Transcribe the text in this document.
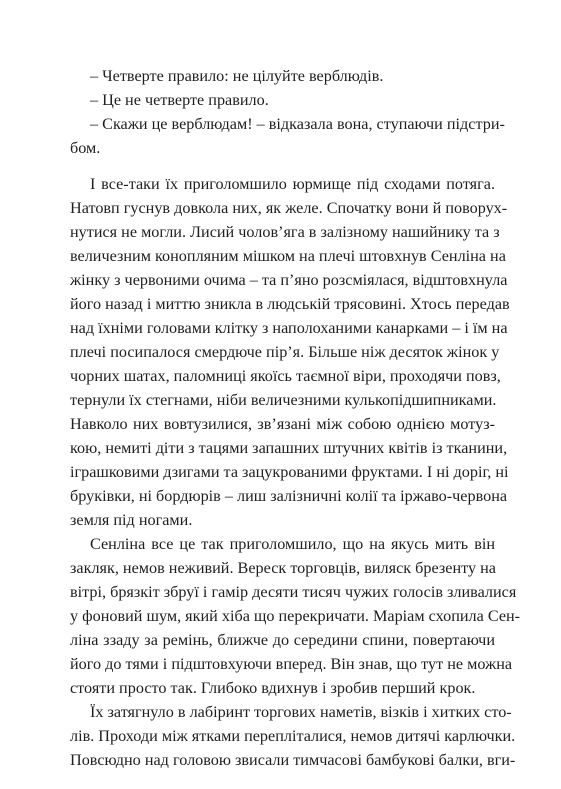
– Четверте правило: не цілуйте верблюдів.
– Це не четверте правило.
– Скажи це верблюдам! – відказала вона, ступаючи підстри-
бом.
І все-таки їх приголомшило юрмище під сходами потяга.
Натовп гуснув довкола них, як желе. Спочатку вони й поворух-
нутися не могли. Лисий чолов’яга в залізному нашийнику та з
величезним конопляним мішком на плечі штовхнув Сенліна на
жінку з червоними очима – та п’яно розсміялася, відштовхнула
його назад і миттю зникла в людській трясовині. Хтось передав
над їхніми головами клітку з наполоханими канарками – і їм на
плечі посипалося смердюче пір’я. Більше ніж десяток жінок у
чорних шатах, паломниці якоїсь таємної віри, проходячи повз,
тернули їх стегнами, ніби величезними кулькопідшипниками.
Навколо них вовтузилися, зв’язані між собою однією мотуз-
кою, немиті діти з тацями запашних штучних квітів із тканини,
іграшковими дзигами та зацукрованими фруктами. І ні доріг, ні
бруківки, ні бордюрів – лиш залізничні колії та іржаво-червона
земля під ногами.
Сенліна все це так приголомшило, що на якусь мить він
закляк, немов неживий. Вереск торговців, виляск брезенту на
вітрі, брязкіт збруї і гамір десяти тисяч чужих голосів зливалися
у фоновий шум, який хіба що перекричати. Маріам схопила Сен-
ліна ззаду за ремінь, ближче до середини спини, повертаючи
його до тями і підштовхуючи вперед. Він знав, що тут не можна
стояти просто так. Глибоко вдихнув і зробив перший крок.
Їх затягнуло в лабіринт торгових наметів, візків і хитких сто-
лів. Проходи між ятками перепліталися, немов дитячі карлючки.
Повсюдно над головою звисали тимчасові бамбукові балки, вги-
